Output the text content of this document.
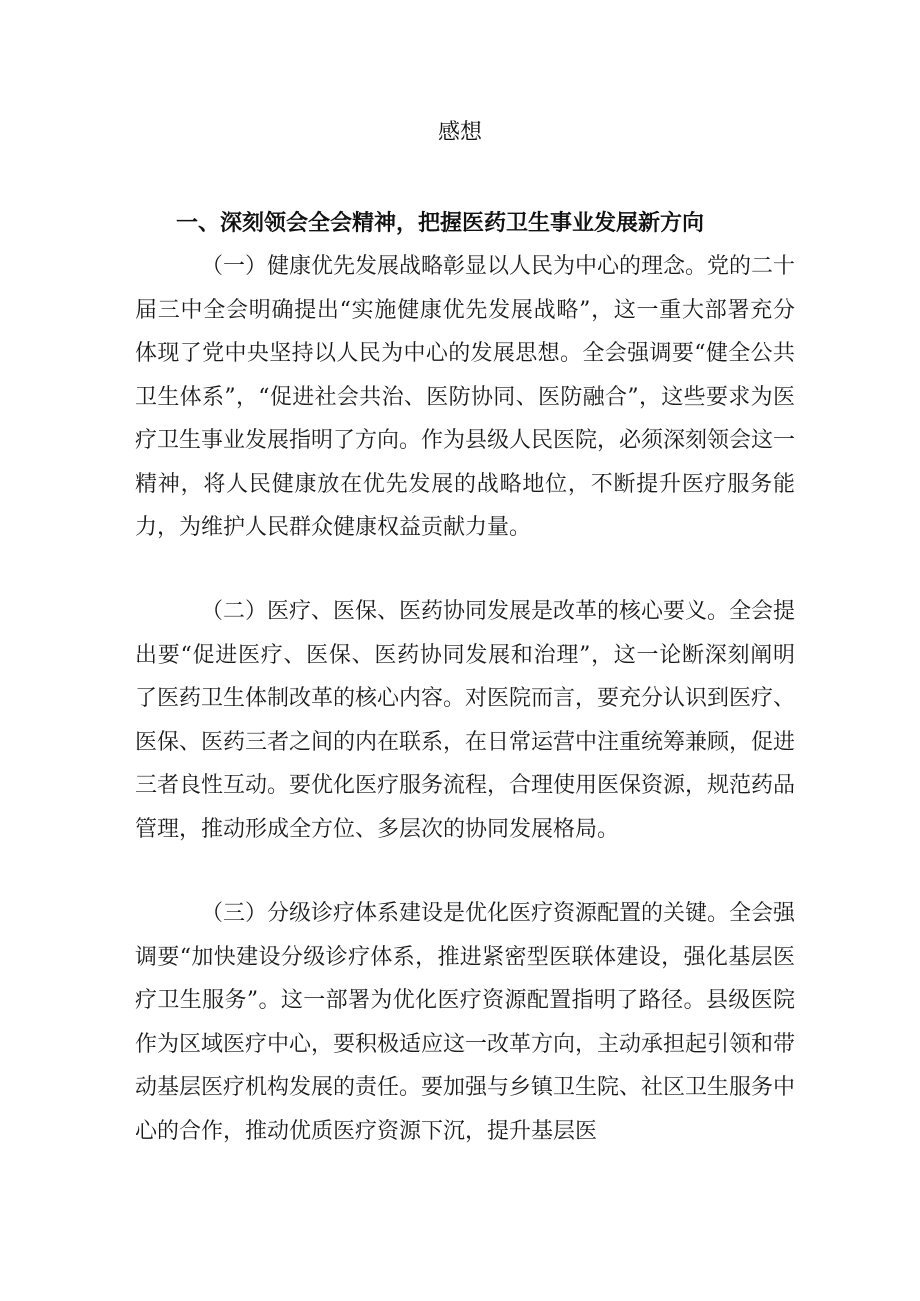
感想
一、深刻领会全会精神，把握医药卫生事业发展新方向

（一）健康优先发展战略彰显以人民为中心的理念。党的二十届三中全会明确提出“实施健康优先发展战略”，这一重大部署充分体现了党中央坚持以人民为中心的发展思想。全会强调要“健全公共卫生体系”，“促进社会共治、医防协同、医防融合”，这些要求为医疗卫生事业发展指明了方向。作为县级人民医院，必须深刻领会这一精神，将人民健康放在优先发展的战略地位，不断提升医疗服务能力，为维护人民群众健康权益贡献力量。

（二）医疗、医保、医药协同发展是改革的核心要义。全会提出要“促进医疗、医保、医药协同发展和治理”，这一论断深刻阐明了医药卫生体制改革的核心内容。对医院而言，要充分认识到医疗、医保、医药三者之间的内在联系，在日常运营中注重统筹兼顾，促进三者良性互动。要优化医疗服务流程，合理使用医保资源，规范药品管理，推动形成全方位、多层次的协同发展格局。

（三）分级诊疗体系建设是优化医疗资源配置的关键。全会强调要“加快建设分级诊疗体系，推进紧密型医联体建设，强化基层医疗卫生服务”。这一部署为优化医疗资源配置指明了路径。县级医院作为区域医疗中心，要积极适应这一改革方向，主动承担起引领和带动基层医疗机构发展的责任。要加强与乡镇卫生院、社区卫生服务中心的合作，推动优质医疗资源下沉，提升基层医
